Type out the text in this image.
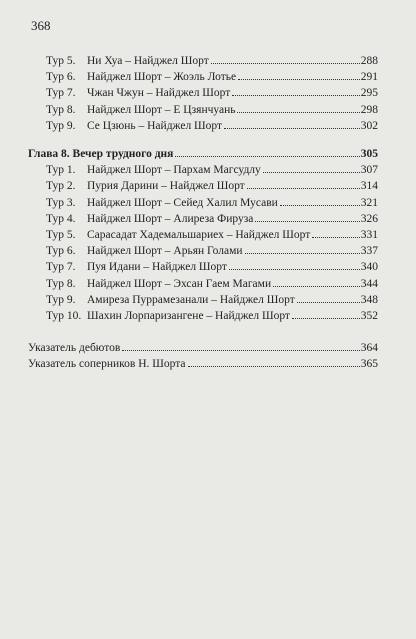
368
Тур 5.	Ни Хуа – Найджел Шорт	288
Тур 6.	Найджел Шорт – Жоэль Лотье	291
Тур 7.	Чжан Чжун – Найджел Шорт	295
Тур 8.	Найджел Шорт – Е Цзянчуань	298
Тур 9.	Се Цзюнь – Найджел Шорт	302
Глава 8. Вечер трудного дня	305
Тур 1.	Найджел Шорт – Пархам Магсудлу	307
Тур 2.	Пурия Дарини – Найджел Шорт	314
Тур 3.	Найджел Шорт – Сейед Халил Мусави	321
Тур 4.	Найджел Шорт – Алиреза Фируза	326
Тур 5.	Сарасадат Хадемальшариех – Найджел Шорт	331
Тур 6.	Найджел Шорт – Арьян Голами	337
Тур 7.	Пуя Идани – Найджел Шорт	340
Тур 8.	Найджел Шорт – Эхсан Гаем Магами	344
Тур 9.	Амиреза Пуррамезанали – Найджел Шорт	348
Тур 10. Шахин Лорпаризангене – Найджел Шорт	352
Указатель дебютов	364
Указатель соперников Н. Шорта	365
